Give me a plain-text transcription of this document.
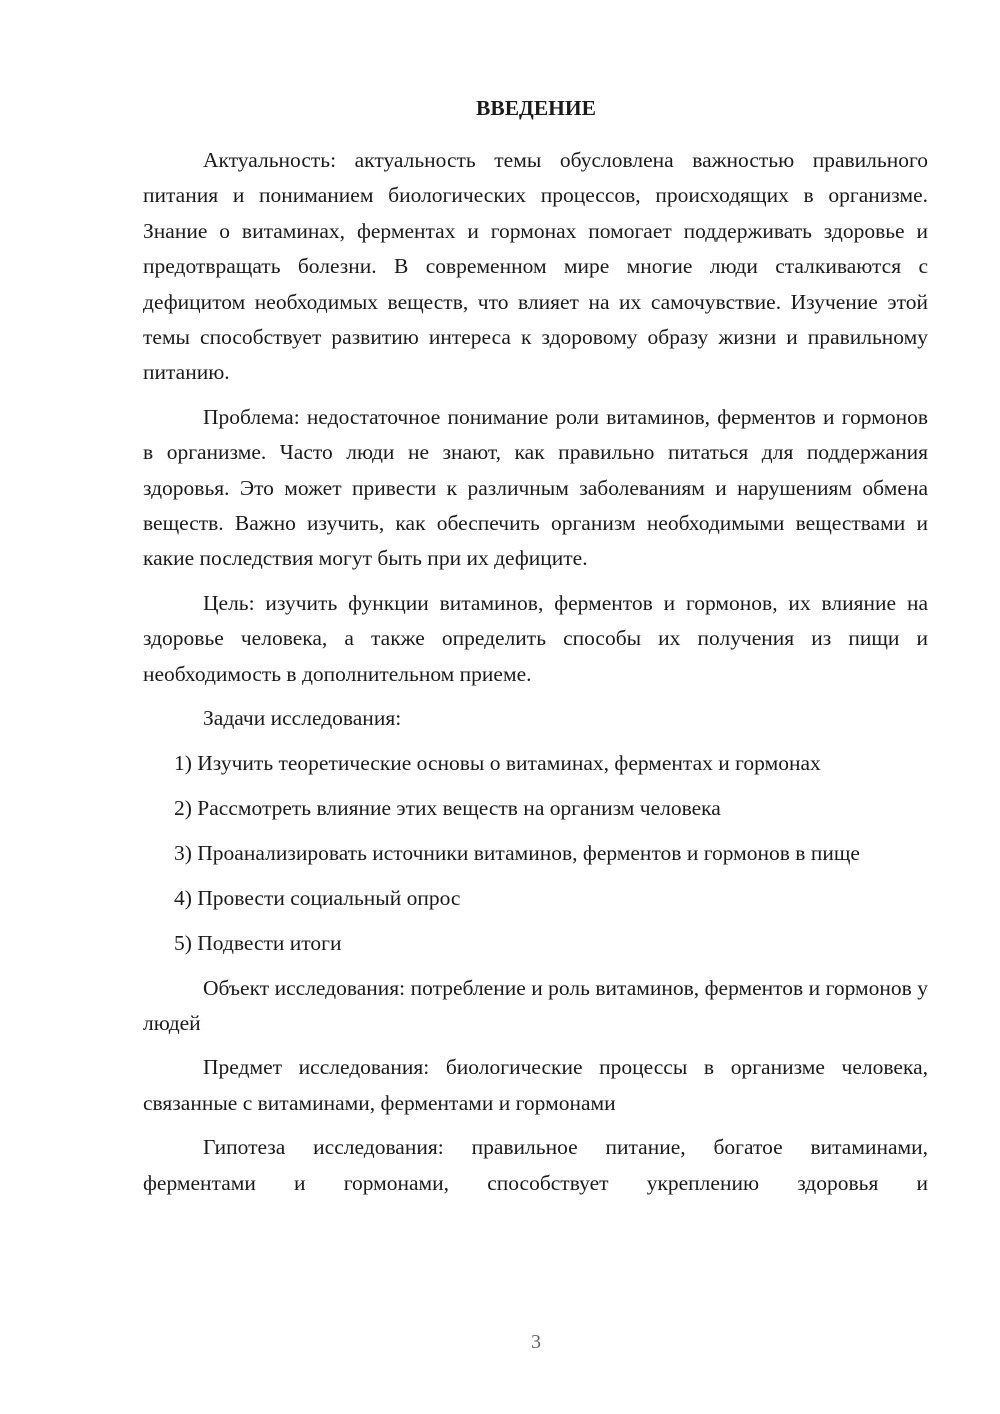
ВВЕДЕНИЕ

Актуальность: актуальность темы обусловлена важностью правильного питания и пониманием биологических процессов, происходящих в организме. Знание о витаминах, ферментах и гормонах помогает поддерживать здоровье и предотвращать болезни. В современном мире многие люди сталкиваются с дефицитом необходимых веществ, что влияет на их самочувствие. Изучение этой темы способствует развитию интереса к здоровому образу жизни и правильному питанию.

Проблема: недостаточное понимание роли витаминов, ферментов и гормонов в организме. Часто люди не знают, как правильно питаться для поддержания здоровья. Это может привести к различным заболеваниям и нарушениям обмена веществ. Важно изучить, как обеспечить организм необходимыми веществами и какие последствия могут быть при их дефиците.

Цель: изучить функции витаминов, ферментов и гормонов, их влияние на здоровье человека, а также определить способы их получения из пищи и необходимость в дополнительном приеме.

Задачи исследования:

1) Изучить теоретические основы о витаминах, ферментах и гормонах

2) Рассмотреть влияние этих веществ на организм человека

3) Проанализировать источники витаминов, ферментов и гормонов в пище

4) Провести социальный опрос

5) Подвести итоги

Объект исследования: потребление и роль витаминов, ферментов и гормонов у людей

Предмет исследования: биологические процессы в организме человека, связанные с витаминами, ферментами и гормонами

Гипотеза исследования: правильное питание, богатое витаминами, ферментами и гормонами, способствует укреплению здоровья и

3
